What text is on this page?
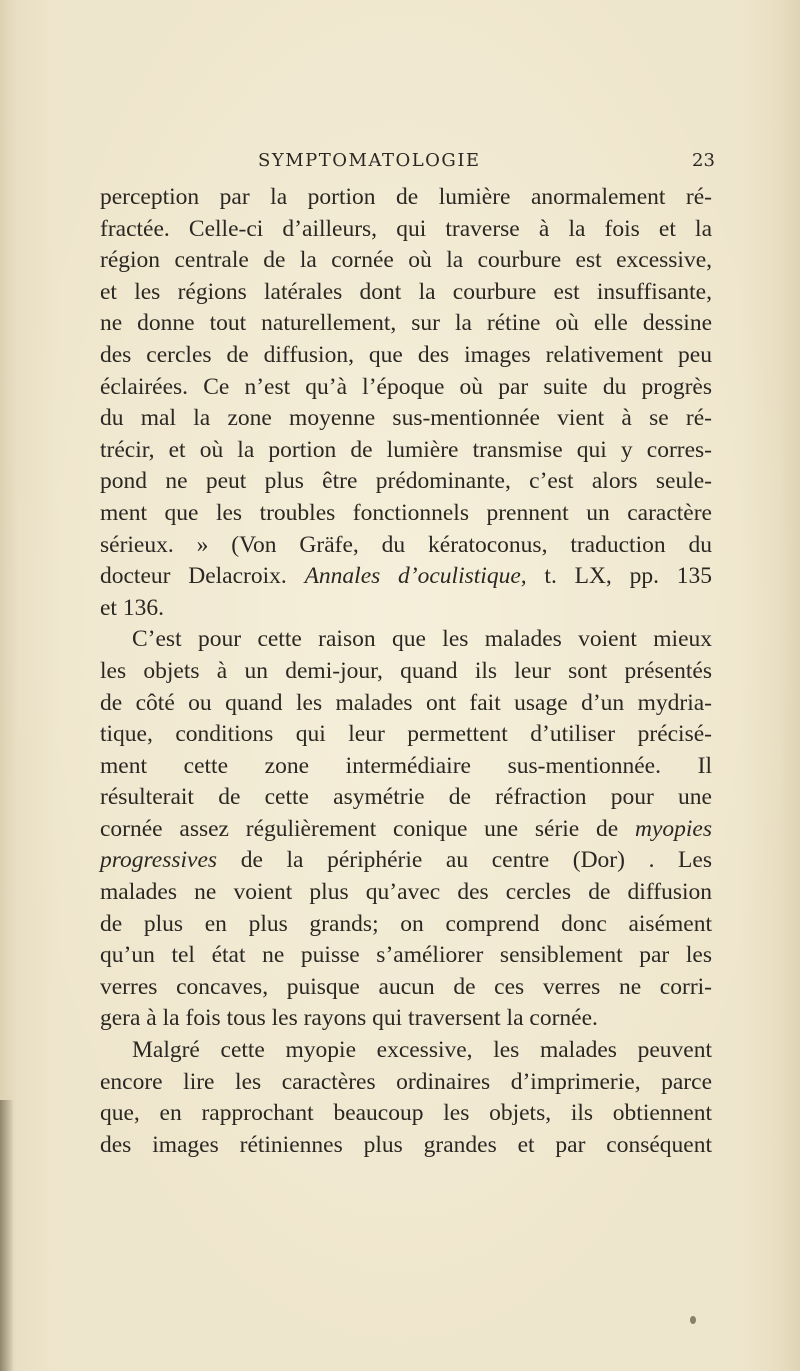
SYMPTOMATOLOGIE	23
perception par la portion de lumière anormalement ré-
fractée. Celle-ci d’ailleurs, qui traverse à la fois et la
région centrale de la cornée où la courbure est excessive,
et les régions latérales dont la courbure est insuffisante,
ne donne tout naturellement, sur la rétine où elle dessine
des cercles de diffusion, que des images relativement peu
éclairées. Ce n’est qu’à l’époque où par suite du progrès
du mal la zone moyenne sus-mentionnée vient à se ré-
trécir, et où la portion de lumière transmise qui y corres-
pond ne peut plus être prédominante, c’est alors seule-
ment que les troubles fonctionnels prennent un caractère
sérieux. » (Von Gräfe, du kératoconus, traduction du
docteur Delacroix. Annales d’oculistique, t. LX, pp. 135
et 136.
C’est pour cette raison que les malades voient mieux
les objets à un demi-jour, quand ils leur sont présentés
de côté ou quand les malades ont fait usage d’un mydria-
tique, conditions qui leur permettent d’utiliser précisé-
ment cette zone intermédiaire sus-mentionnée. Il
résulterait de cette asymétrie de réfraction pour une
cornée assez régulièrement conique une série de myopies
progressives de la périphérie au centre (Dor) . Les
malades ne voient plus qu’avec des cercles de diffusion
de plus en plus grands; on comprend donc aisément
qu’un tel état ne puisse s’améliorer sensiblement par les
verres concaves, puisque aucun de ces verres ne corri-
gera à la fois tous les rayons qui traversent la cornée.
Malgré cette myopie excessive, les malades peuvent
encore lire les caractères ordinaires d’imprimerie, parce
que, en rapprochant beaucoup les objets, ils obtiennent
des images rétiniennes plus grandes et par conséquent
